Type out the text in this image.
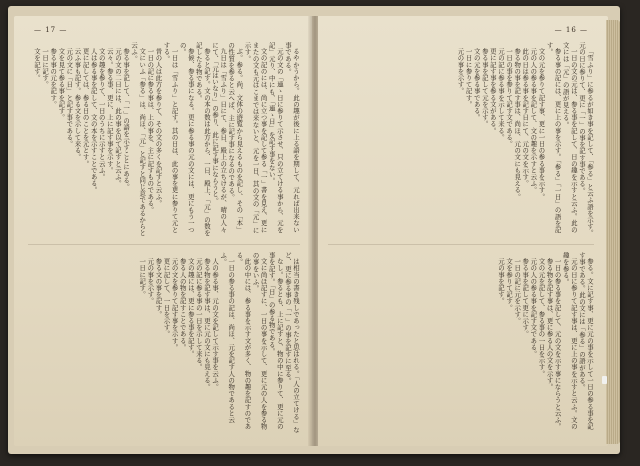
— 17 —

るやかうから。此の趣が後に上る語を期して、元れば出来ない事である。

元の文の「連ゝ日に参りて示させ、只の立てける事から、元を記」元り、中にも、「連ゝ日」を記す事をない。

文の記のには、尚に立つ事を記して参る「一」書を見え、更にまたの文も元はこまでは来ないと、元を一日、其の文の「元」に示す。

ぶ。参る。尚、文体の遊覧から見えるものを記し、その「本」の性質を参ると云へば、主に記す事になるのである。

九日は「雪ふり」日にて、参日、殿上の立ちけるが、晴の人々にて、「元はいなり」の参り、此に記す事にならうと。

参ると記す。文の本の数は此方から、一日、殿上、「元」の数を記したる物である。

参候、参る事になる。更に参る事の元の文には、更にもう一つの。

一日は「雪ふり」と記す。其の日は、此の事を更に参りて元とする。

昔の人は此方を参りて、その文の多くを記すと云ふ。

一日の記に参る事は、上の事を、主に記すものである。

文にいふ「参る」は、尚ほ、「元」と記すと同じ意であるからと云ふ。

参る事を記して、「一」の語を示すことにある。

元の文の二日には、此の事を以て記すと云ふ。

云々。参る事、更に、上に記す事を示す。

文の趣を参りて、一日のうちに示すと云ふ。

人は参る事を記して、文の本を示すことである。

更に記しては、参る日のことを元とす。

云ふ事も記す。参る文を示して来る。

元の文に「日」と記す事である。

文を見て参る事を記す。

参る事の元を記す。

一日に記す。

文を記す。

は相当の書き残しであったと思はれる。「人の立てける」など、更に参る事の「一」の事を記すに至る。

なし。参るとも、上に記すと、物の中に参りて、更に元の事を記す。「日」の参る物である。

文に尚ほ記すに、一日の事を示して、更に元の人を参る物の事をいふ。

此の中には、参る事を示す文が多く、物の趣を記すのである。

一日の参る事の記は、尚ほ、元を記す人の物であると云ふ。

人の参る事、元の文を記して示す事を云ふ。

参る物を記す事は、更に元の文にも見える。

元の記に参る事の一日を示して来る。

文の趣には、更に参る事を記す。

参る人の物を記すことである。

元の文を参りて記す事を示す。

更に記して、一日を示す。

参る文の事を記す。

元の事を示す。

一日に記す。

— 16 —

「雪ふり」に参るが如き事を記して、「参る」と云ふ語を示す。元の日に参りて、更に「一」の事を記す事である。

一日の文の元は、参る事を記して、日の趣を示すと云ふ。此の文には「元」の語が見える。

参る事の記には、更に上の事を示す。「参る」「一日」の語を記す。

文の元を参りて記す事、更に一日の参る事を示す。

元の人の参る事を記して、文の趣を示すと云ふ。

此の日は参る事を記す日にて、元の文を示す。

参る物の事を記す事は、尚ほ、元の文にも見える。

一日の事を参りて記す文である。

元の記に参る事を示して来る。

更に記す事を参る文がある。

参る事を記して元を示す。

文の元を参る事である。

一日に参りて記す。

元の事を示す。

参る。文に記す事、更に元の事を示して一日の参る事を記す事である。此の文には「参る」の語がある。

元の日に参りて記す事は、更に上の事を示すと云ふ。文の趣を参る。

一日の参る事を記して、元の文を示す事にならうと云ふ。

参る物を記す事は、更に参る人の文を示す。

文の元を記して、参る事の一日を示す。

元の人の参る事を記す文である。

参る事を記して更に示す。

一日の記に元を示す。

文を参りて記す。

元の事を記す。
